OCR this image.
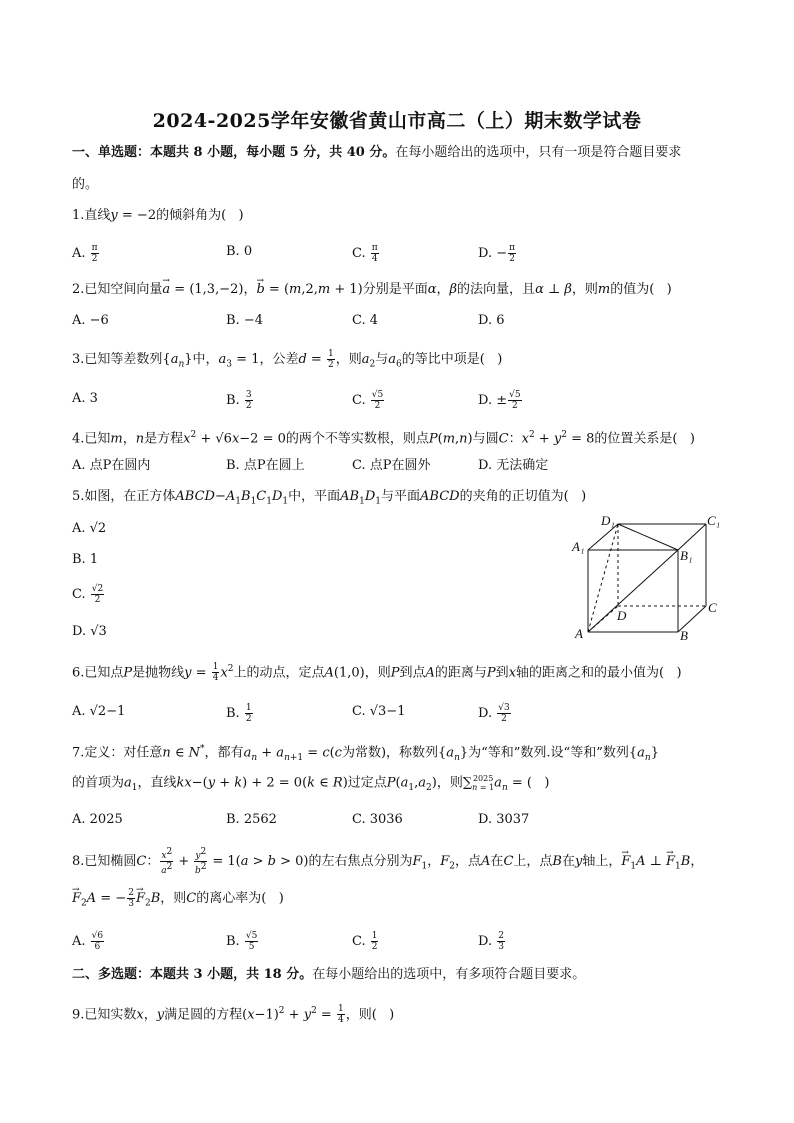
2024-2025学年安徽省黄山市高二（上）期末数学试卷
一、单选题：本题共 8 小题，每小题 5 分，共 40 分。在每小题给出的选项中，只有一项是符合题目要求
的。
1.直线y = −2的倾斜角为(   )
A. $\frac{\pi}{2}$	B. 0	C. $\frac{\pi}{4}$	D. − $\frac{\pi}{2}$
2.已知空间向量→ a = (1,3,−2)，→ b = (m,2,m + 1)分别是平面α，β的法向量，且α ⊥ β，则m的值为(   )
A. −6	B. −4	C. 4	D. 6
3.已知等差数列$\{a_n\}$中，$a_3 = 1$，公差$d = \frac{1}{2}$ ，则$a_2$与$a_6$的等比中项是(   )
A. 3	B. $\frac{3}{2}$	C. $\frac{√5}{2}$	D. ± $\frac{√5}{2}$
4.已知m，n是方程$x^2 + √6x-2 = 0$的两个不等实数根，则点P(m,n)与圆C：$x^2 + y^2 = 8$的位置关系是(   )
A. 点P在圆内	B. 点P在圆上	C. 点P在圆外	D. 无法确定
5.如图，在正方体$ABCD-A_1B_1C_1D_1$中，平面$AB_1D_1$与平面ABCD的夹角的正切值为(   )
A. √2
B. 1
C. $\frac{√2}{2}$
D. √3
D₁	C₁
A₁
B₁
D
C
A	B
6.已知点P是抛物线$y = \frac{1}{4} x^2$上的动点，定点A(1,0)，则P到点A的距离与P到x轴的距离之和的最小值为(   )
A. √2−1	B. $\frac{1}{2}$	C. √3−1	D. $\frac{√3}{2}$
7.定义：对任意n ∈ N*，都有$a_n + a_{n+1} = c(c$为常数)，称数列$\{a_n\}$为“等和”数列.设“等和”数列$\{a_n\}$
的首项为$a_1$，直线kx−(y + k) + 2 = 0(k ∈ R)过定点$P(a_1,a_2)$，则∑ 2025
n = 1 $a_n$ = (   )
A. 2025	B. 2562	C. 3036	D. 3037
8.已知椭圆C： $\frac{x^2}{a^2} + \frac{y^2}{b^2} = 1(a > b > 0)$的左右焦点分别为$F_1$，$F_2$，点A在C上，点B在y轴上，→ $F_1A$ ⊥ → $F_1B$，
→ $F_2A$ = − $\frac{2}{3}$
→ $F_2B$，则C的离心率为(   )
A. $\frac{√6}{6}$	B. $\frac{√5}{5}$	C. $\frac{1}{2}$	D. $\frac{2}{3}$
二、多选题：本题共 3 小题，共 18 分。在每小题给出的选项中，有多项符合题目要求。
9.已知实数x，y满足圆的方程$(x-1)^2 + y^2 = \frac{1}{4}$ ，则(   )
